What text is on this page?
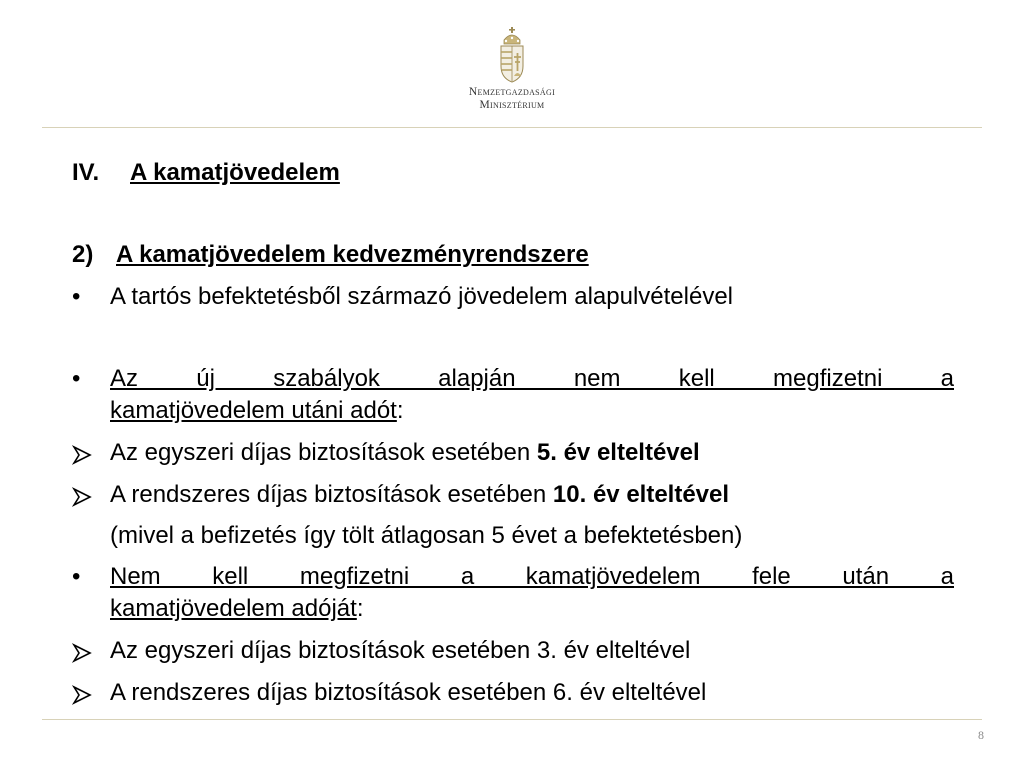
Nemzetgazdasági
Minisztérium
IV. A kamatjövedelem
2) A kamatjövedelem kedvezményrendszere
• A tartós befektetésből származó jövedelem alapulvételével
• Az új szabályok alapján nem kell megfizetni a
kamatjövedelem utáni adót:
Az egyszeri díjas biztosítások esetében 5. év elteltével
A rendszeres díjas biztosítások esetében 10. év elteltével
(mivel a befizetés így tölt átlagosan 5 évet a befektetésben)
• Nem kell megfizetni a kamatjövedelem fele után a
kamatjövedelem adóját:
Az egyszeri díjas biztosítások esetében 3. év elteltével
A rendszeres díjas biztosítások esetében 6. év elteltével
8
